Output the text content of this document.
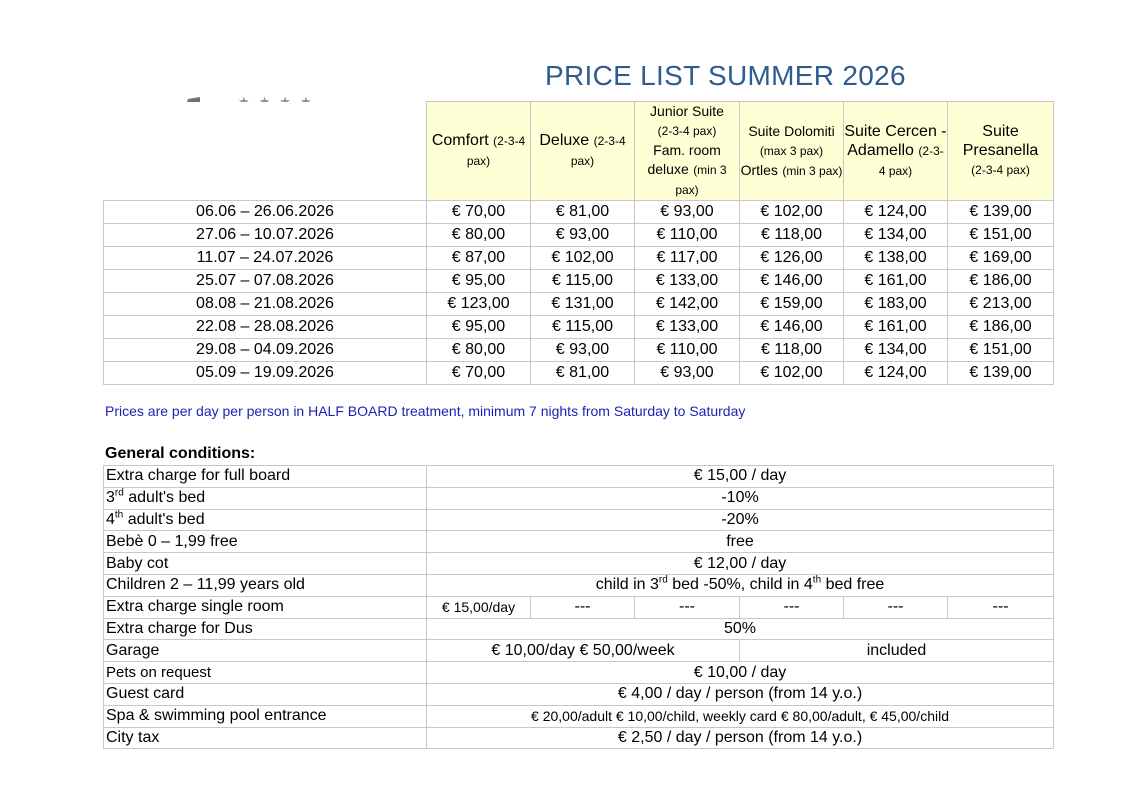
PRICE LIST SUMMER 2026
	Comfort (2-3-4 pax)	Deluxe (2-3-4 pax)	Junior Suite
(2-3-4 pax)
Fam. room deluxe (min 3 pax)	Suite Dolomiti
(max 3 pax)
Ortles (min 3 pax)	Suite Cercen - Adamello (2-3-4 pax)	Suite Presanella
(2-3-4 pax)
06.06 – 26.06.2026	€ 70,00	€ 81,00	€ 93,00	€ 102,00	€ 124,00	€ 139,00
27.06 – 10.07.2026	€ 80,00	€ 93,00	€ 110,00	€ 118,00	€ 134,00	€ 151,00
11.07 – 24.07.2026	€ 87,00	€ 102,00	€ 117,00	€ 126,00	€ 138,00	€ 169,00
25.07 – 07.08.2026	€ 95,00	€ 115,00	€ 133,00	€ 146,00	€ 161,00	€ 186,00
08.08 – 21.08.2026	€ 123,00	€ 131,00	€ 142,00	€ 159,00	€ 183,00	€ 213,00
22.08 – 28.08.2026	€ 95,00	€ 115,00	€ 133,00	€ 146,00	€ 161,00	€ 186,00
29.08 – 04.09.2026	€ 80,00	€ 93,00	€ 110,00	€ 118,00	€ 134,00	€ 151,00
05.09 – 19.09.2026	€ 70,00	€ 81,00	€ 93,00	€ 102,00	€ 124,00	€ 139,00
Prices are per day per person in HALF BOARD treatment, minimum 7 nights from Saturday to Saturday
General conditions:
Extra charge for full board	€ 15,00 / day					
3rd adult's bed	-10%					
4th adult's bed	-20%					
Bebè 0 – 1,99 free	free					
Baby cot	€ 12,00 / day					
Children 2 – 11,99 years old	child in 3rd bed -50%, child in 4th bed free					
Extra charge single room	€ 15,00/day	---	---	---	---	---
Extra charge for Dus	50%					
Garage	€ 10,00/day € 50,00/week			included		
Pets on request	€ 10,00 / day					
Guest card	€ 4,00 / day / person (from 14 y.o.)					
Spa & swimming pool entrance	€ 20,00/adult € 10,00/child, weekly card € 80,00/adult, € 45,00/child					
City tax	€ 2,50 / day / person (from 14 y.o.)					
